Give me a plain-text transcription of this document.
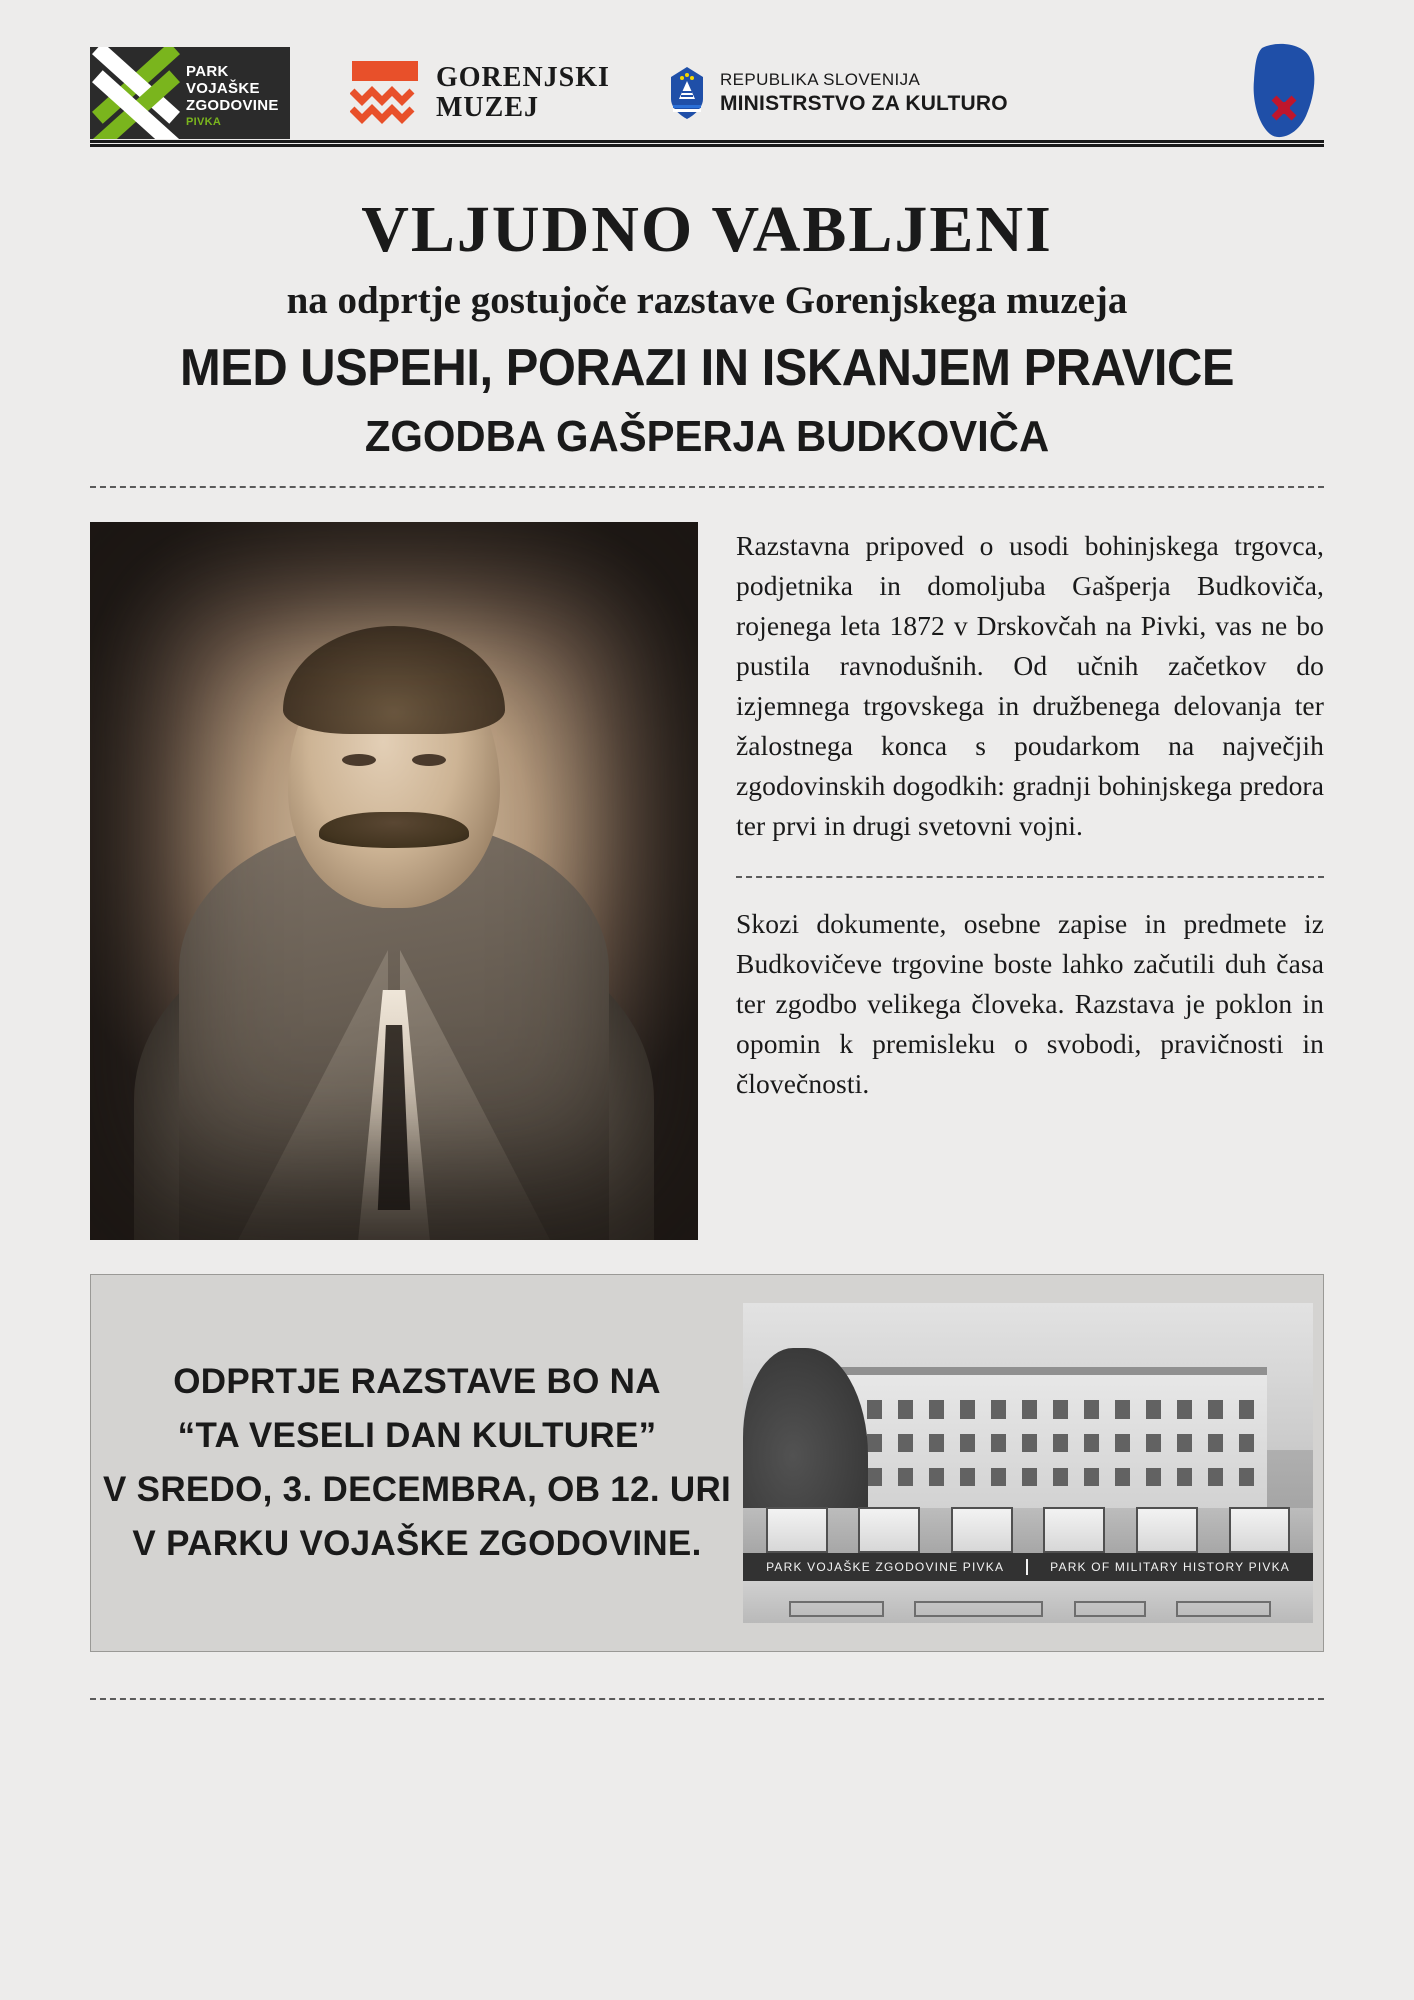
PARK
VOJAŠKE
ZGODOVINE
PIVKA
GORENJSKI
MUZEJ
REPUBLIKA SLOVENIJA
MINISTRSTVO ZA KULTURO
VLJUDNO VABLJENI
na odprtje gostujoče razstave Gorenjskega muzeja
MED USPEHI, PORAZI IN ISKANJEM PRAVICE
ZGODBA GAŠPERJA BUDKOVIČA

Razstavna pripoved o usodi bohinjskega trgovca, podjetnika in domoljuba Gašperja Budkoviča, rojenega leta 1872 v Drskovčah na Pivki, vas ne bo pustila ravnodušnih. Od učnih začetkov do izjemnega trgovskega in družbenega delovanja ter žalostnega konca s poudarkom na največjih zgodovinskih dogodkih: gradnji bohinjskega predora ter prvi in drugi svetovni vojni.

Skozi dokumente, osebne zapise in predmete iz Budkovičeve trgovine boste lahko začutili duh časa ter zgodbo velikega človeka. Razstava je poklon in opomin k premisleku o svobodi, pravičnosti in človečnosti.

ODPRTJE RAZSTAVE BO NA
“TA VESELI DAN KULTURE”
V SREDO, 3. DECEMBRA, OB 12. URI
V PARKU VOJAŠKE ZGODOVINE.
PARK VOJAŠKE ZGODOVINE PIVKA	PARK OF MILITARY HISTORY PIVKA
